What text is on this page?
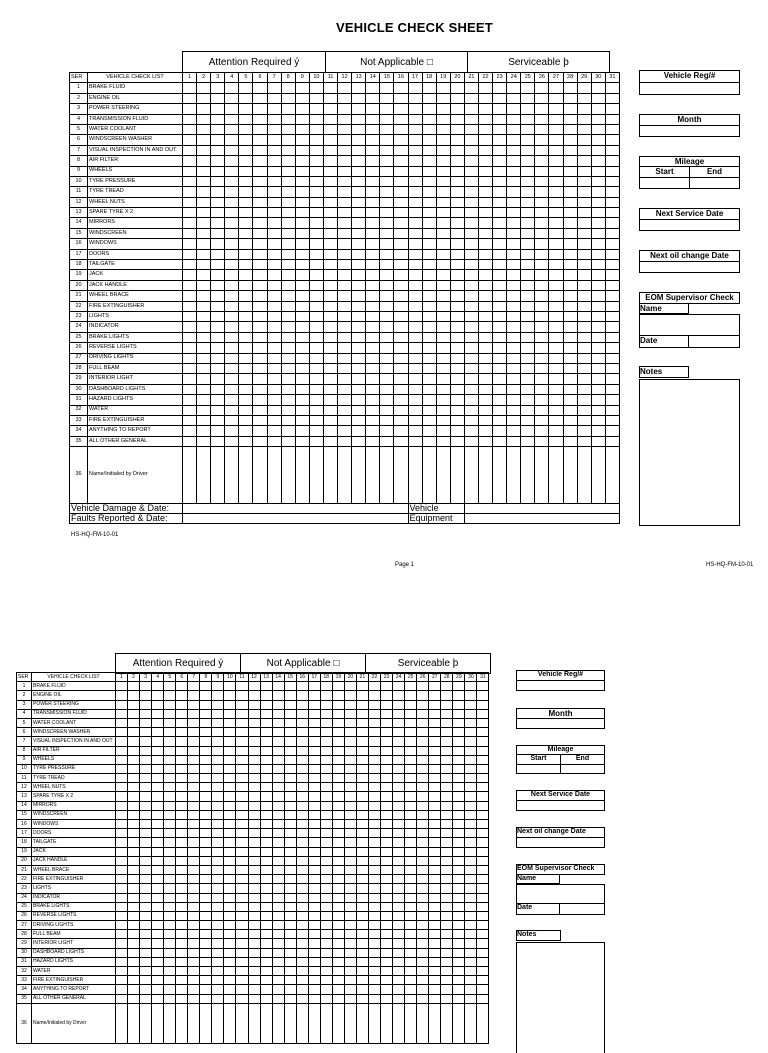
VEHICLE CHECK SHEET
Attention Required ý	Not Applicable □	Serviceable þ
SER	VEHICLE CHECK LIST	1	2	3	4	5	6	7	8	9	10	11	12	13	14	15	16	17	18	19	20	21	22	23	24	25	26	27	28	29	30	31
1	BRAKE FLUID																															
2	ENGINE OIL																															
3	POWER STEERING																															
4	TRANSMISSION FLUID																															
5	WATER COOLANT																															
6	WINDSCREEN WASHER																															
7	VISUAL INSPECTION IN AND OUT																															
8	AIR FILTER																															
9	WHEELS																															
10	TYRE PRESSURE																															
11	TYRE TREAD																															
12	WHEEL NUTS																															
13	SPARE TYRE X 2																															
14	MIRRORS																															
15	WINDSCREEN																															
16	WINDOWS																															
17	DOORS																															
18	TAILGATE																															
19	JACK																															
20	JACK HANDLE																															
21	WHEEL BRACE																															
22	FIRE EXTINGUISHER																															
23	LIGHTS																															
24	INDICATOR																															
25	BRAKE LIGHTS																															
26	REVERSE LIGHTS																															
27	DRIVING LIGHTS																															
28	FULL BEAM																															
29	INTERIOR LIGHT																															
30	DASHBOARD LIGHTS																															
31	HAZARD LIGHTS																															
32	WATER																															
33	FIRE EXTINGUISHER																															
34	ANYTHING TO REPORT																															
35	ALL OTHER GENERAL																															
36	Name/Initialed by Driver																															
Vehicle Damage & Date:																		Vehicle														
Faults Reported & Date:																		Equipment														
HS-HQ-FM-10-01
Page 1	HS-HQ-FM-10-01
Vehicle Reg/#
Month
Mileage
Start	End
Next Service Date
Next oil change Date
EOM Supervisor Check
Name
Date
Notes
Attention Required ý	Not Applicable □	Serviceable þ
SER	VEHICLE CHECK LIST	1	2	3	4	5	6	7	8	9	10	11	12	13	14	15	16	17	18	19	20	21	22	23	24	25	26	27	28	29	30	31
1	BRAKE FLUID																															
2	ENGINE OIL																															
3	POWER STEERING																															
4	TRANSMISSION FLUID																															
5	WATER COOLANT																															
6	WINDSCREEN WASHER																															
7	VISUAL INSPECTION IN AND OUT																															
8	AIR FILTER																															
9	WHEELS																															
10	TYRE PRESSURE																															
11	TYRE TREAD																															
12	WHEEL NUTS																															
13	SPARE TYRE X 2																															
14	MIRRORS																															
15	WINDSCREEN																															
16	WINDOWS																															
17	DOORS																															
18	TAILGATE																															
19	JACK																															
20	JACK HANDLE																															
21	WHEEL BRACE																															
22	FIRE EXTINGUISHER																															
23	LIGHTS																															
24	INDICATOR																															
25	BRAKE LIGHTS																															
26	REVERSE LIGHTS																															
27	DRIVING LIGHTS																															
28	FULL BEAM																															
29	INTERIOR LIGHT																															
30	DASHBOARD LIGHTS																															
31	HAZARD LIGHTS																															
32	WATER																															
33	FIRE EXTINGUISHER																															
34	ANYTHING TO REPORT																															
35	ALL OTHER GENERAL																															
36	Name/Initialed by Driver																															
Vehicle Reg/#
Month
Mileage
Start	End
Next Service Date
Next oil change Date
EOM Supervisor Check
Name
Date
Notes
